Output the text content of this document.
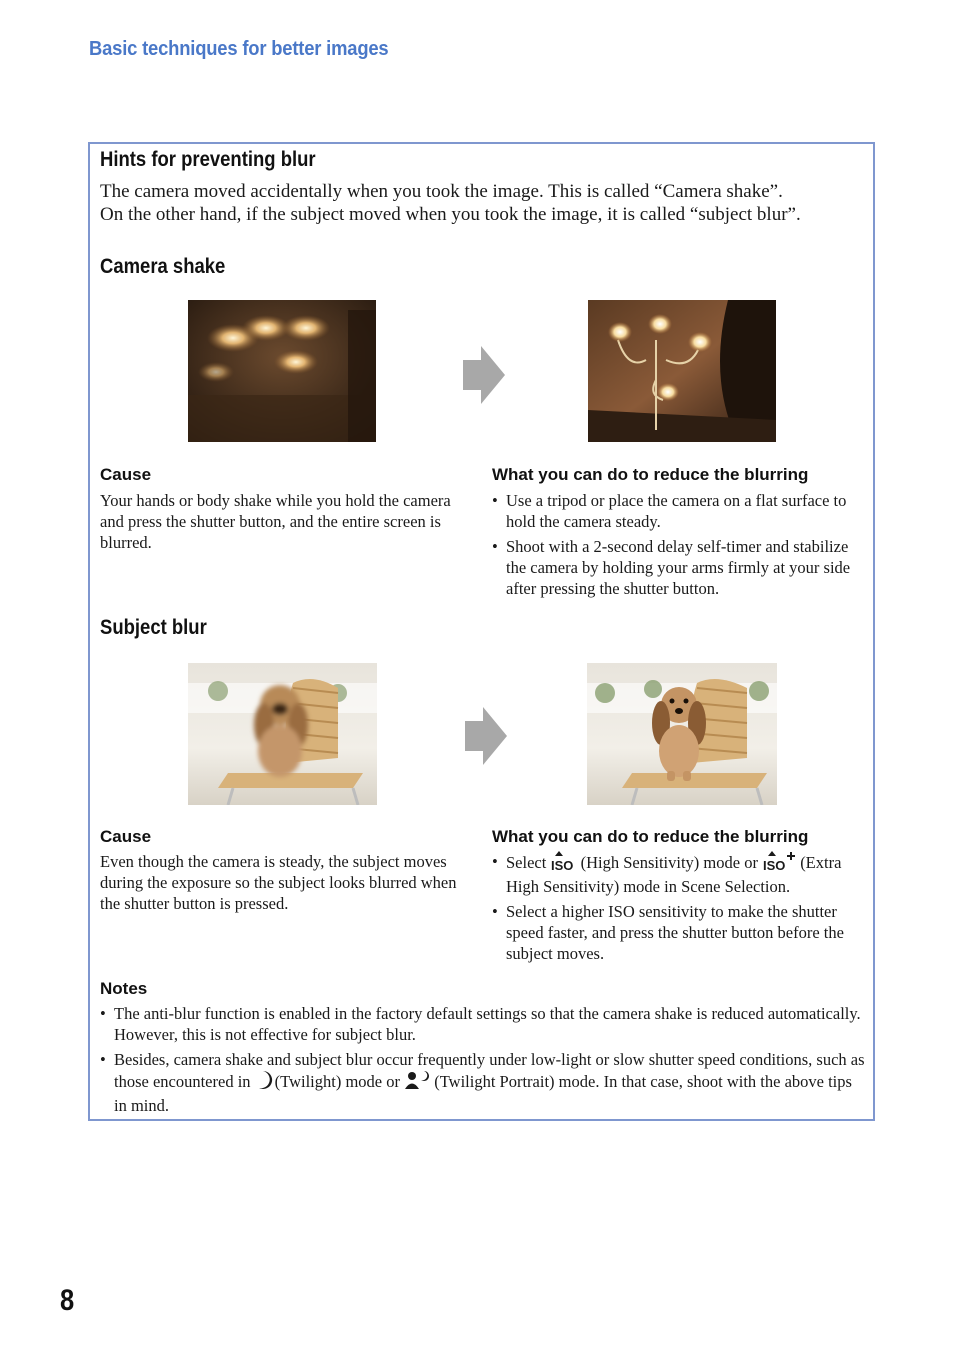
Basic techniques for better images
Hints for preventing blur

The camera moved accidentally when you took the image. This is called “Camera shake”.

On the other hand, if the subject moved when you took the image, it is called “subject blur”.

Camera shake
Cause

Your hands or body shake while you hold the camera and press the shutter button, and the entire screen is blurred.

What you can do to reduce the blurring
• Use a tripod or place the camera on a flat surface to hold the camera steady.
• Shoot with a 2-second delay self-timer and stabilize the camera by holding your arms firmly at your side after pressing the shutter button.
Subject blur
Cause

Even though the camera is steady, the subject moves during the exposure so the subject looks blurred when the shutter button is pressed.

What you can do to reduce the blurring
• Select ISO (High Sensitivity) mode or ISO (Extra High Sensitivity) mode in Scene Selection.
• Select a higher ISO sensitivity to make the shutter speed faster, and press the shutter button before the subject moves.
Notes
• The anti-blur function is enabled in the factory default settings so that the camera shake is reduced automatically. However, this is not effective for subject blur.
• Besides, camera shake and subject blur occur frequently under low-light or slow shutter speed conditions, such as those encountered in (Twilight) mode or (Twilight Portrait) mode. In that case, shoot with the above tips in mind.
8
